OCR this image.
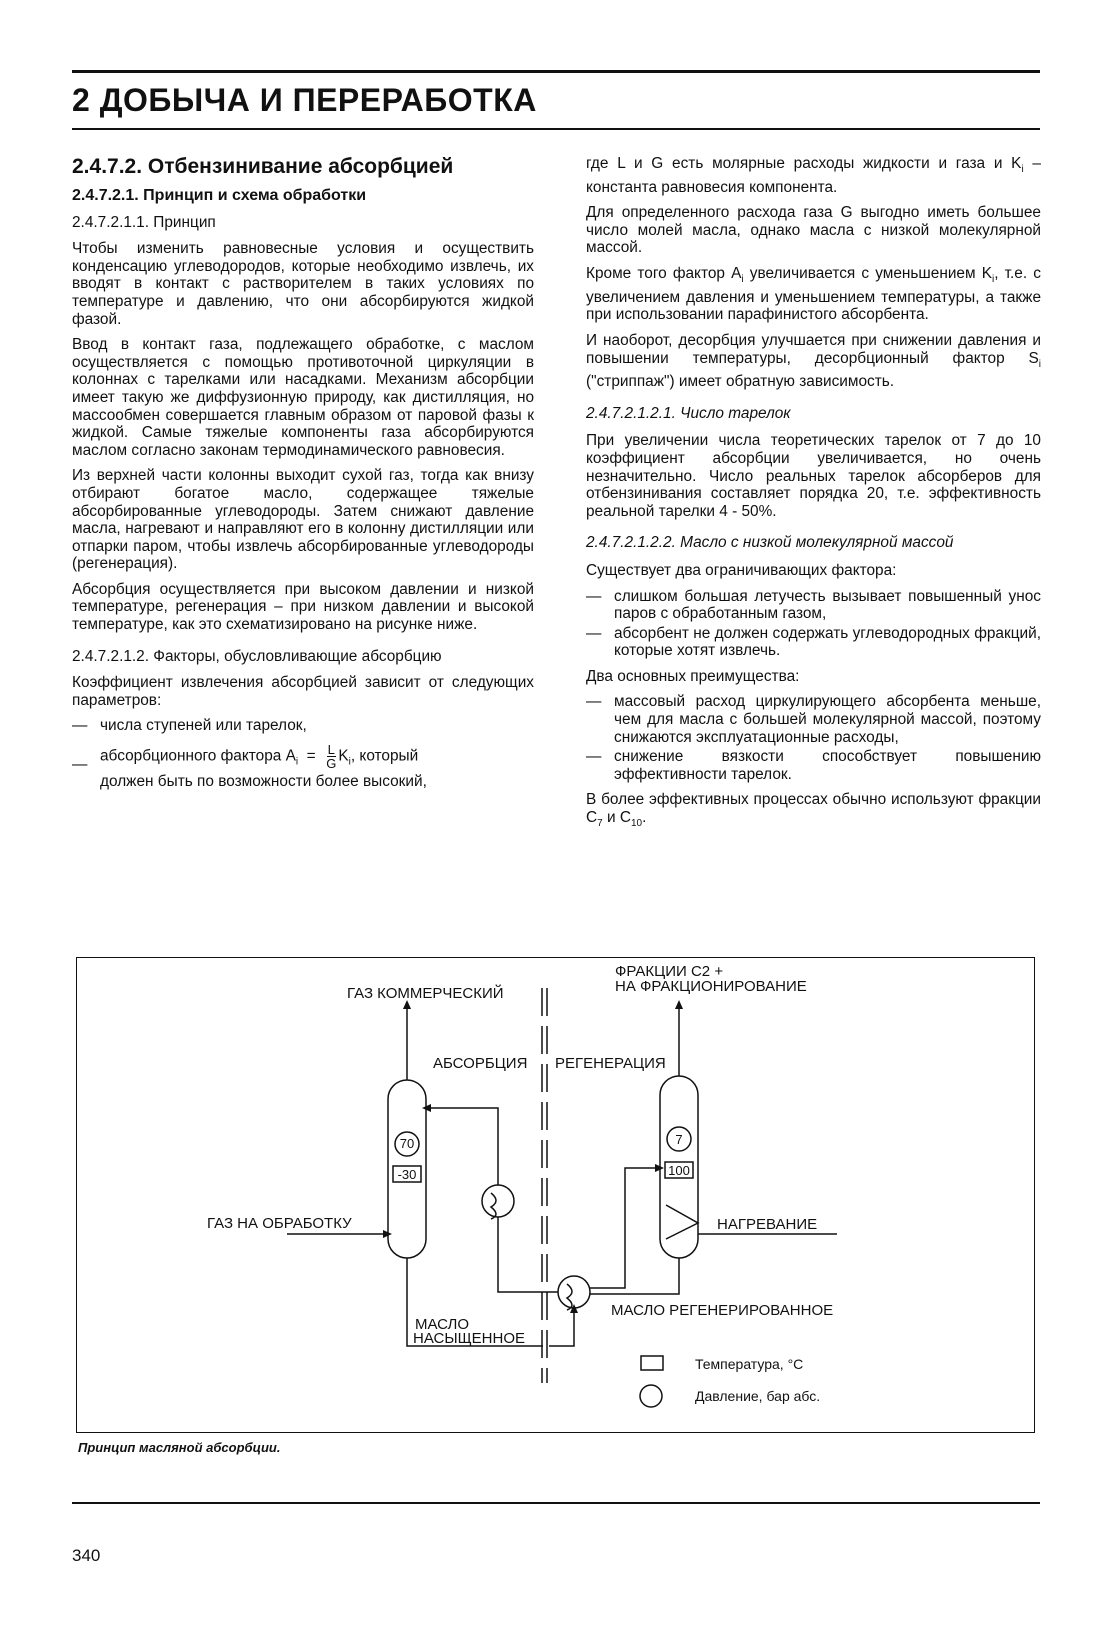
2 ДОБЫЧА И ПЕРЕРАБОТКА
2.4.7.2. Отбензинивание абсорбцией
2.4.7.2.1. Принцип и схема обработки
2.4.7.2.1.1. Принцип

Чтобы изменить равновесные условия и осуществить конденсацию углеводородов, которые необходимо извлечь, их вводят в контакт с растворителем в таких условиях по температуре и давлению, что они абсорбируются жидкой фазой.

Ввод в контакт газа, подлежащего обработке, с маслом осуществляется с помощью противоточной циркуляции в колоннах с тарелками или насадками. Механизм абсорбции имеет такую же диффузионную природу, как дистилляция, но массообмен совершается главным образом от паровой фазы к жидкой. Самые тяжелые компоненты газа абсорбируются маслом согласно законам термодинамического равновесия.

Из верхней части колонны выходит сухой газ, тогда как внизу отбирают богатое масло, содержащее тяжелые абсорбированные углеводороды. Затем снижают давление масла, нагревают и направляют его в колонну дистилляции или отпарки паром, чтобы извлечь абсорбированные углеводороды (регенерация).

Абсорбция осуществляется при высоком давлении и низкой температуре, регенерация – при низком давлении и высокой температуре, как это схематизировано на рисунке ниже.

2.4.7.2.1.2. Факторы, обусловливающие абсорбцию

Коэффициент извлечения абсорбцией зависит от следующих параметров:

— числа ступеней или тарелок,
— абсорбционного фактора $A_i = \frac{L}{G} K_i$, который
должен быть по возможности более высокий,

где L и G есть молярные расходы жидкости и газа и $K_i$ – константа равновесия компонента.

Для определенного расхода газа G выгодно иметь большее число молей масла, однако масла с низкой молекулярной массой.

Кроме того фактор $A_i$ увеличивается с уменьшением $K_i$, т.е. с увеличением давления и уменьшением температуры, а также при использовании парафинистого абсорбента.

И наоборот, десорбция улучшается при снижении давления и повышении температуры, десорбционный фактор $S_i$ ("стриппаж") имеет обратную зависимость.

2.4.7.2.1.2.1. Число тарелок

При увеличении числа теоретических тарелок от 7 до 10 коэффициент абсорбции увеличивается, но очень незначительно. Число реальных тарелок абсорберов для отбензинивания составляет порядка 20, т.е. эффективность реальной тарелки 4 - 50%.

2.4.7.2.1.2.2. Масло с низкой молекулярной массой

Существует два ограничивающих фактора:

— слишком большая летучесть вызывает повышенный унос паров с обработанным газом,
— абсорбент не должен содержать углеводородных фракций, которые хотят извлечь.

Два основных преимущества:

— массовый расход циркулирующего абсорбента меньше, чем для масла с большей молекулярной массой, поэтому снижаются эксплуатационные расходы,
— снижение вязкости способствует повышению эффективности тарелок.

В более эффективных процессах обычно используют фракции $C_7$ и $C_{10}$.

ГАЗ КОММЕРЧЕСКИЙ
ФРАКЦИИ С2 +
НА ФРАКЦИОНИРОВАНИЕ
АБСОРБЦИЯ РЕГЕНЕРАЦИЯ
ГАЗ НА ОБРАБОТКУ	НАГРЕВАНИЕ
МАСЛО
НАСЫЩЕННОЕ
МАСЛО РЕГЕНЕРИРОВАННОЕ
Температура, °С
Давление, бар абс.
70
-30
7
100
Принцип масляной абсорбции.
340
